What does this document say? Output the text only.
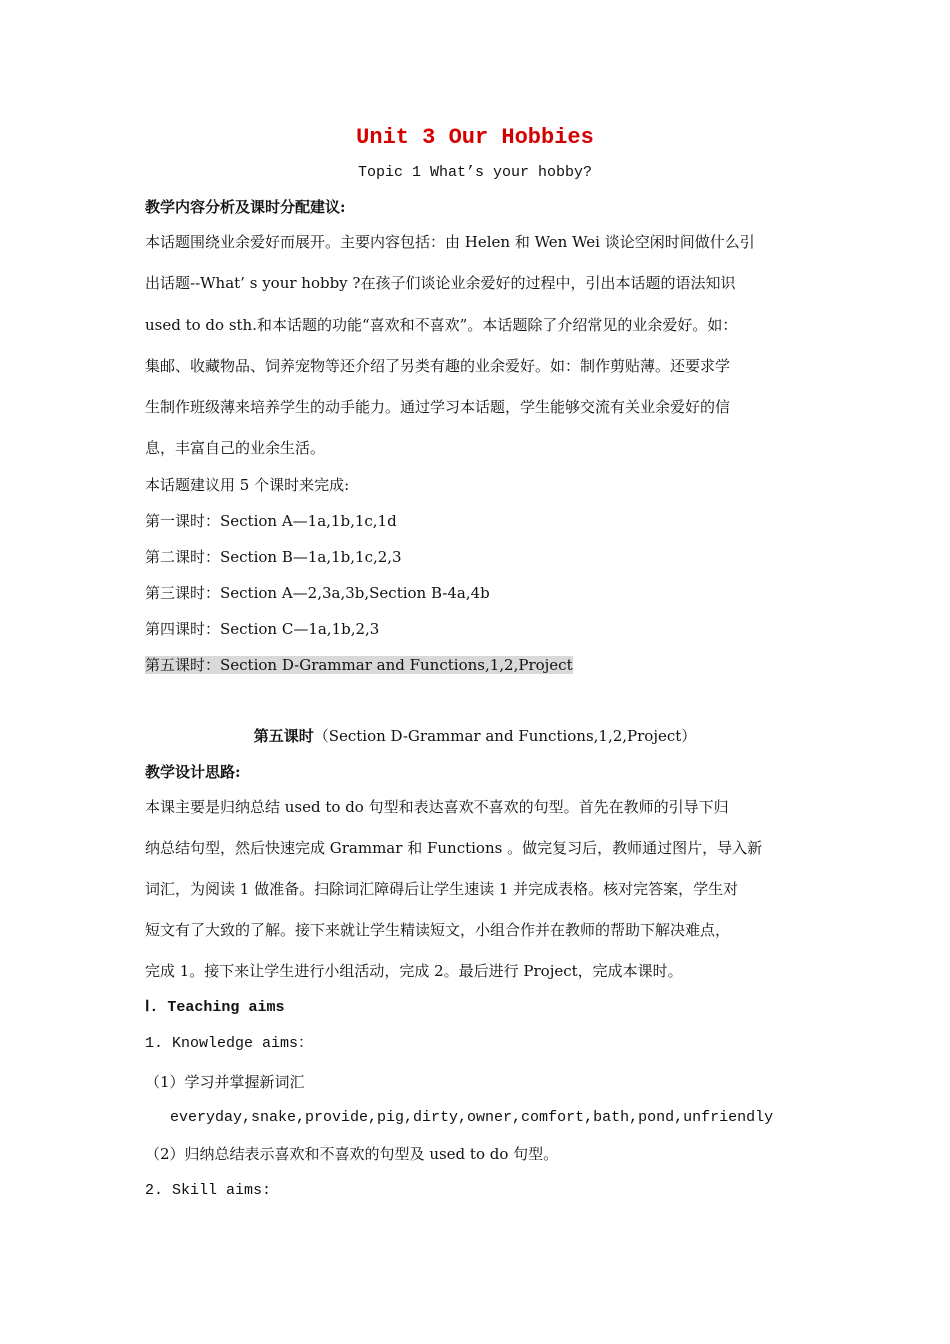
Unit 3 Our Hobbies
Topic 1 What’s your hobby?
教学内容分析及课时分配建议:
本话题围绕业余爱好而展开。主要内容包括：由 Helen 和 Wen Wei 谈论空闲时间做什么引
出话题--What’ s your hobby ?在孩子们谈论业余爱好的过程中，引出本话题的语法知识
used to do sth.和本话题的功能“喜欢和不喜欢”。本话题除了介绍常见的业余爱好。如：
集邮、收藏物品、饲养宠物等还介绍了另类有趣的业余爱好。如：制作剪贴薄。还要求学
生制作班级薄来培养学生的动手能力。通过学习本话题，学生能够交流有关业余爱好的信
息，丰富自己的业余生活。
本话题建议用 5 个课时来完成:
第一课时：Section A—1a,1b,1c,1d
第二课时：Section B—1a,1b,1c,2,3
第三课时：Section A—2,3a,3b,Section B-4a,4b
第四课时：Section C—1a,1b,2,3
第五课时：Section D-Grammar and Functions,1,2,Project
第五课时（Section D-Grammar and Functions,1,2,Project）
教学设计思路:
本课主要是归纳总结 used to do 句型和表达喜欢不喜欢的句型。首先在教师的引导下归
纳总结句型，然后快速完成 Grammar 和 Functions 。做完复习后，教师通过图片，导入新
词汇，为阅读 1 做准备。扫除词汇障碍后让学生速读 1 并完成表格。核对完答案，学生对
短文有了大致的了解。接下来就让学生精读短文，小组合作并在教师的帮助下解决难点，
完成 1。接下来让学生进行小组活动，完成 2。最后进行 Project，完成本课时。
Ⅰ. Teaching aims
1. Knowledge aims：
（1）学习并掌握新词汇
everyday,snake,provide,pig,dirty,owner,comfort,bath,pond,unfriendly
（2）归纳总结表示喜欢和不喜欢的句型及 used to do 句型。
2. Skill aims:
